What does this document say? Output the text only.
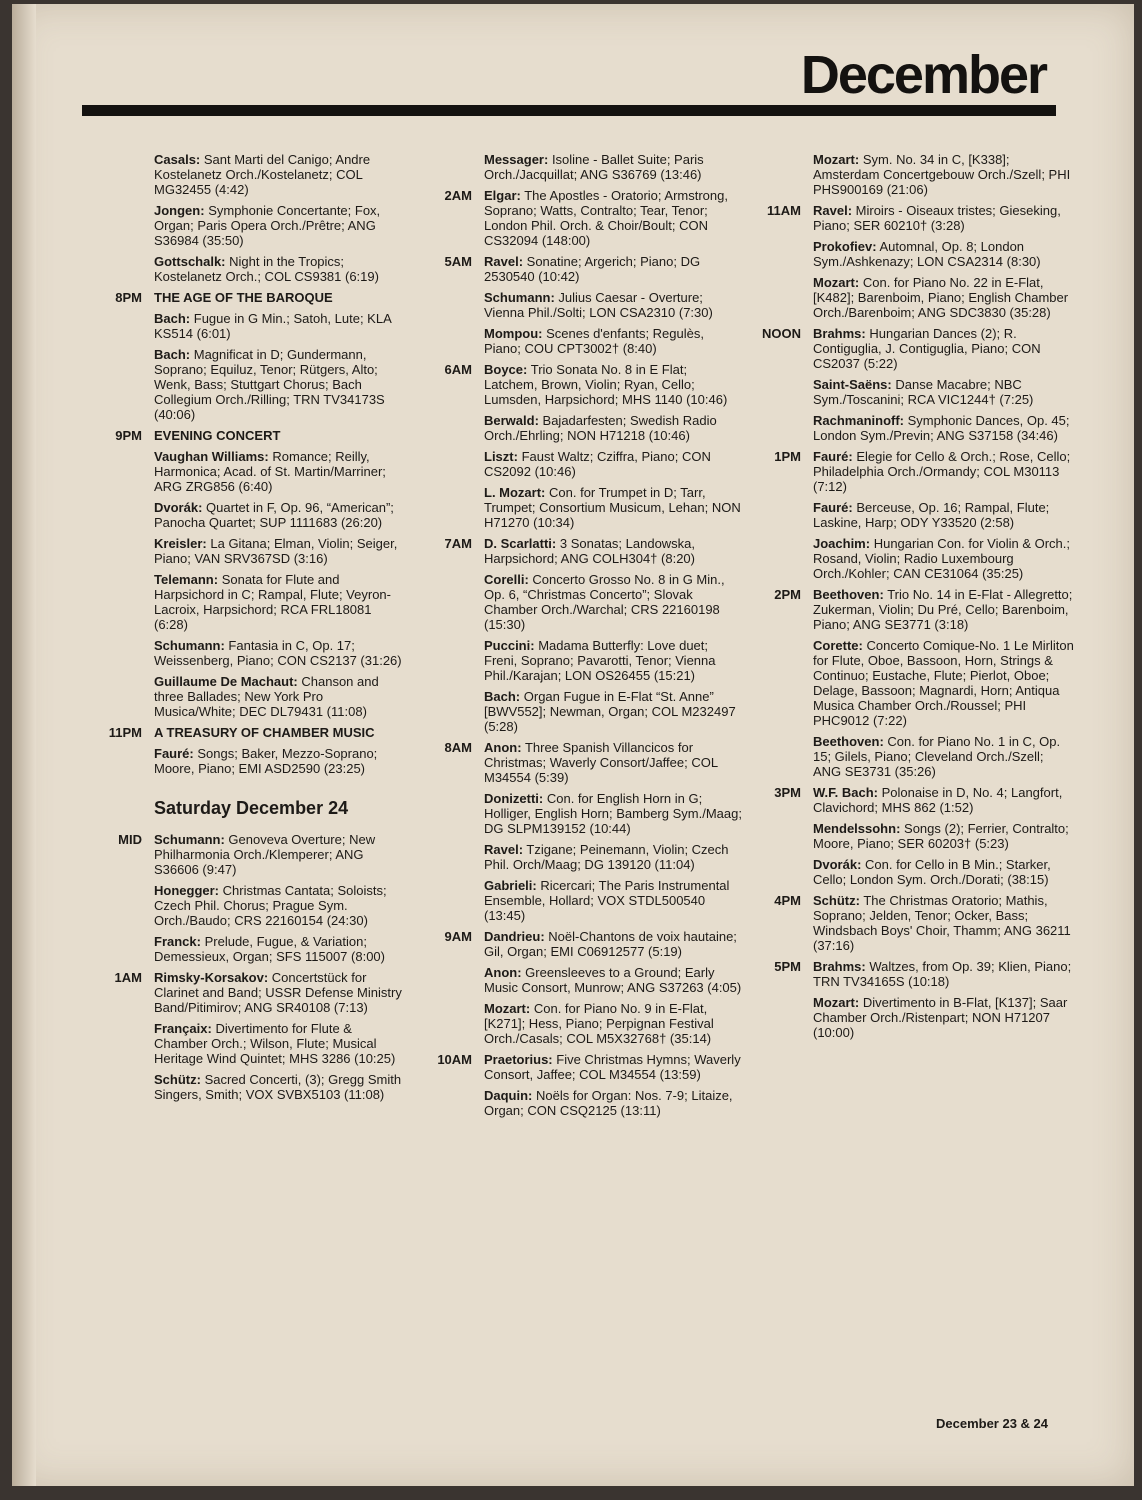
December
Casals: Sant Marti del Canigo; Andre Kostelanetz Orch./Kostelanetz; COL MG32455 (4:42)
Jongen: Symphonie Concertante; Fox, Organ; Paris Opera Orch./Prêtre; ANG S36984 (35:50)
Gottschalk: Night in the Tropics; Kostelanetz Orch.; COL CS9381 (6:19)
8PM THE AGE OF THE BAROQUE
Bach: Fugue in G Min.; Satoh, Lute; KLA KS514 (6:01)
Bach: Magnificat in D; Gundermann, Soprano; Equiluz, Tenor; Rütgers, Alto; Wenk, Bass; Stuttgart Chorus; Bach Collegium Orch./Rilling; TRN TV34173S (40:06)
9PM EVENING CONCERT
Vaughan Williams: Romance; Reilly, Harmonica; Acad. of St. Martin/Marriner; ARG ZRG856 (6:40)
Dvorák: Quartet in F, Op. 96, “American”; Panocha Quartet; SUP 1111683 (26:20)
Kreisler: La Gitana; Elman, Violin; Seiger, Piano; VAN SRV367SD (3:16)
Telemann: Sonata for Flute and Harpsichord in C; Rampal, Flute; Veyron-Lacroix, Harpsichord; RCA FRL18081 (6:28)
Schumann: Fantasia in C, Op. 17; Weissenberg, Piano; CON CS2137 (31:26)
Guillaume De Machaut: Chanson and three Ballades; New York Pro Musica/White; DEC DL79431 (11:08)
11PM A TREASURY OF CHAMBER MUSIC
Fauré: Songs; Baker, Mezzo-Soprano; Moore, Piano; EMI ASD2590 (23:25)
Saturday December 24
MID Schumann: Genoveva Overture; New Philharmonia Orch./Klemperer; ANG S36606 (9:47)
Honegger: Christmas Cantata; Soloists; Czech Phil. Chorus; Prague Sym. Orch./Baudo; CRS 22160154 (24:30)
Franck: Prelude, Fugue, & Variation; Demessieux, Organ; SFS 115007 (8:00)
1AM Rimsky-Korsakov: Concertstück for Clarinet and Band; USSR Defense Ministry Band/Pitimirov; ANG SR40108 (7:13)
Françaix: Divertimento for Flute & Chamber Orch.; Wilson, Flute; Musical Heritage Wind Quintet; MHS 3286 (10:25)
Schütz: Sacred Concerti, (3); Gregg Smith Singers, Smith; VOX SVBX5103 (11:08)
Messager: Isoline - Ballet Suite; Paris Orch./Jacquillat; ANG S36769 (13:46)
2AM Elgar: The Apostles - Oratorio; Armstrong, Soprano; Watts, Contralto; Tear, Tenor; London Phil. Orch. & Choir/Boult; CON CS32094 (148:00)
5AM Ravel: Sonatine; Argerich; Piano; DG 2530540 (10:42)
Schumann: Julius Caesar - Overture; Vienna Phil./Solti; LON CSA2310 (7:30)
Mompou: Scenes d'enfants; Regulès, Piano; COU CPT3002† (8:40)
6AM Boyce: Trio Sonata No. 8 in E Flat; Latchem, Brown, Violin; Ryan, Cello; Lumsden, Harpsichord; MHS 1140 (10:46)
Berwald: Bajadarfesten; Swedish Radio Orch./Ehrling; NON H71218 (10:46)
Liszt: Faust Waltz; Cziffra, Piano; CON CS2092 (10:46)
L. Mozart: Con. for Trumpet in D; Tarr, Trumpet; Consortium Musicum, Lehan; NON H71270 (10:34)
7AM D. Scarlatti: 3 Sonatas; Landowska, Harpsichord; ANG COLH304† (8:20)
Corelli: Concerto Grosso No. 8 in G Min., Op. 6, “Christmas Concerto”; Slovak Chamber Orch./Warchal; CRS 22160198 (15:30)
Puccini: Madama Butterfly: Love duet; Freni, Soprano; Pavarotti, Tenor; Vienna Phil./Karajan; LON OS26455 (15:21)
Bach: Organ Fugue in E-Flat “St. Anne” [BWV552]; Newman, Organ; COL M232497 (5:28)
8AM Anon: Three Spanish Villancicos for Christmas; Waverly Consort/Jaffee; COL M34554 (5:39)
Donizetti: Con. for English Horn in G; Holliger, English Horn; Bamberg Sym./Maag; DG SLPM139152 (10:44)
Ravel: Tzigane; Peinemann, Violin; Czech Phil. Orch/Maag; DG 139120 (11:04)
Gabrieli: Ricercari; The Paris Instrumental Ensemble, Hollard; VOX STDL500540 (13:45)
9AM Dandrieu: Noël-Chantons de voix hautaine; Gil, Organ; EMI C06912577 (5:19)
Anon: Greensleeves to a Ground; Early Music Consort, Munrow; ANG S37263 (4:05)
Mozart: Con. for Piano No. 9 in E-Flat, [K271]; Hess, Piano; Perpignan Festival Orch./Casals; COL M5X32768† (35:14)
10AM Praetorius: Five Christmas Hymns; Waverly Consort, Jaffee; COL M34554 (13:59)
Daquin: Noëls for Organ: Nos. 7-9; Litaize, Organ; CON CSQ2125 (13:11)
Mozart: Sym. No. 34 in C, [K338]; Amsterdam Concertgebouw Orch./Szell; PHI PHS900169 (21:06)
11AM Ravel: Miroirs - Oiseaux tristes; Gieseking, Piano; SER 60210† (3:28)
Prokofiev: Automnal, Op. 8; London Sym./Ashkenazy; LON CSA2314 (8:30)
Mozart: Con. for Piano No. 22 in E-Flat, [K482]; Barenboim, Piano; English Chamber Orch./Barenboim; ANG SDC3830 (35:28)
NOON Brahms: Hungarian Dances (2); R. Contiguglia, J. Contiguglia, Piano; CON CS2037 (5:22)
Saint-Saëns: Danse Macabre; NBC Sym./Toscanini; RCA VIC1244† (7:25)
Rachmaninoff: Symphonic Dances, Op. 45; London Sym./Previn; ANG S37158 (34:46)
1PM Fauré: Elegie for Cello & Orch.; Rose, Cello; Philadelphia Orch./Ormandy; COL M30113 (7:12)
Fauré: Berceuse, Op. 16; Rampal, Flute; Laskine, Harp; ODY Y33520 (2:58)
Joachim: Hungarian Con. for Violin & Orch.; Rosand, Violin; Radio Luxembourg Orch./Kohler; CAN CE31064 (35:25)
2PM Beethoven: Trio No. 14 in E-Flat - Allegretto; Zukerman, Violin; Du Pré, Cello; Barenboim, Piano; ANG SE3771 (3:18)
Corette: Concerto Comique-No. 1 Le Mirliton for Flute, Oboe, Bassoon, Horn, Strings & Continuo; Eustache, Flute; Pierlot, Oboe; Delage, Bassoon; Magnardi, Horn; Antiqua Musica Chamber Orch./Roussel; PHI PHC9012 (7:22)
Beethoven: Con. for Piano No. 1 in C, Op. 15; Gilels, Piano; Cleveland Orch./Szell; ANG SE3731 (35:26)
3PM W.F. Bach: Polonaise in D, No. 4; Langfort, Clavichord; MHS 862 (1:52)
Mendelssohn: Songs (2); Ferrier, Contralto; Moore, Piano; SER 60203† (5:23)
Dvorák: Con. for Cello in B Min.; Starker, Cello; London Sym. Orch./Dorati; (38:15)
4PM Schütz: The Christmas Oratorio; Mathis, Soprano; Jelden, Tenor; Ocker, Bass; Windsbach Boys' Choir, Thamm; ANG 36211 (37:16)
5PM Brahms: Waltzes, from Op. 39; Klien, Piano; TRN TV34165S (10:18)
Mozart: Divertimento in B-Flat, [K137]; Saar Chamber Orch./Ristenpart; NON H71207 (10:00)
December 23 & 24
